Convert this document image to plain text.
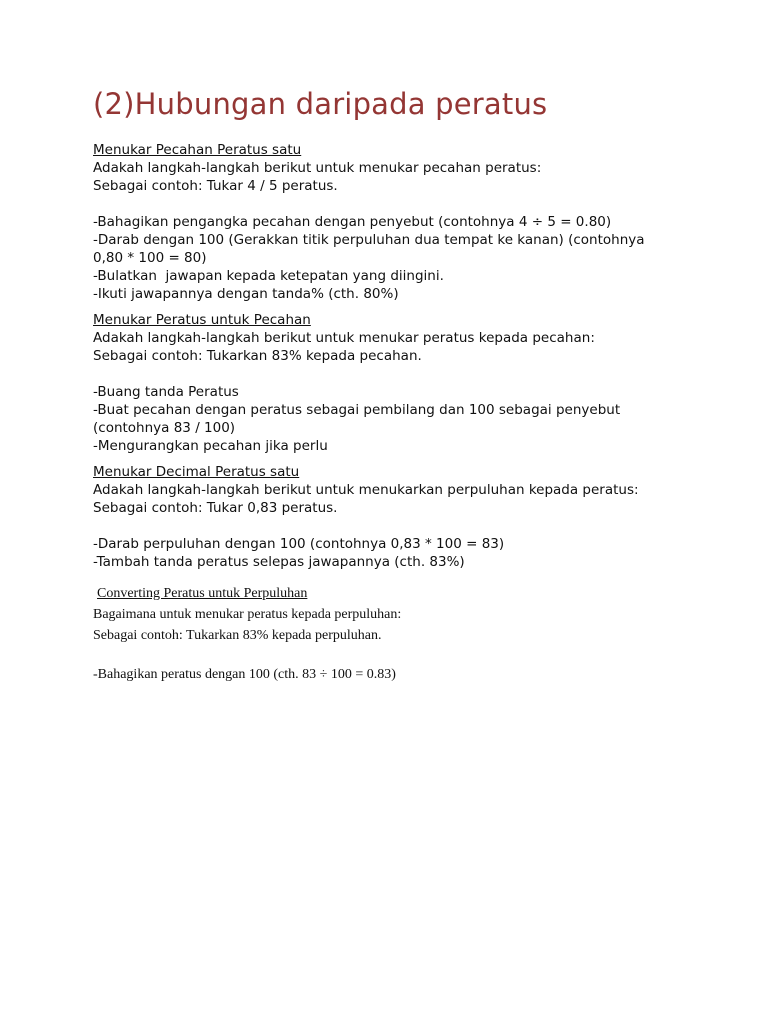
(2)Hubungan daripada peratus
Menukar Pecahan Peratus satu
Adakah langkah-langkah berikut untuk menukar pecahan peratus:
Sebagai contoh: Tukar 4 / 5 peratus.
-Bahagikan pengangka pecahan dengan penyebut (contohnya 4 ÷ 5 = 0.80)
-Darab dengan 100 (Gerakkan titik perpuluhan dua tempat ke kanan) (contohnya
0,80 * 100 = 80)
-Bulatkan  jawapan kepada ketepatan yang diingini.
-Ikuti jawapannya dengan tanda% (cth. 80%)
Menukar Peratus untuk Pecahan
Adakah langkah-langkah berikut untuk menukar peratus kepada pecahan:
Sebagai contoh: Tukarkan 83% kepada pecahan.
-Buang tanda Peratus
-Buat pecahan dengan peratus sebagai pembilang dan 100 sebagai penyebut
(contohnya 83 / 100)
-Mengurangkan pecahan jika perlu
Menukar Decimal Peratus satu
Adakah langkah-langkah berikut untuk menukarkan perpuluhan kepada peratus:
Sebagai contoh: Tukar 0,83 peratus.
-Darab perpuluhan dengan 100 (contohnya 0,83 * 100 = 83)
-Tambah tanda peratus selepas jawapannya (cth. 83%)
Converting Peratus untuk Perpuluhan
Bagaimana untuk menukar peratus kepada perpuluhan:
Sebagai contoh: Tukarkan 83% kepada perpuluhan.
-Bahagikan peratus dengan 100 (cth. 83 ÷ 100 = 0.83)
